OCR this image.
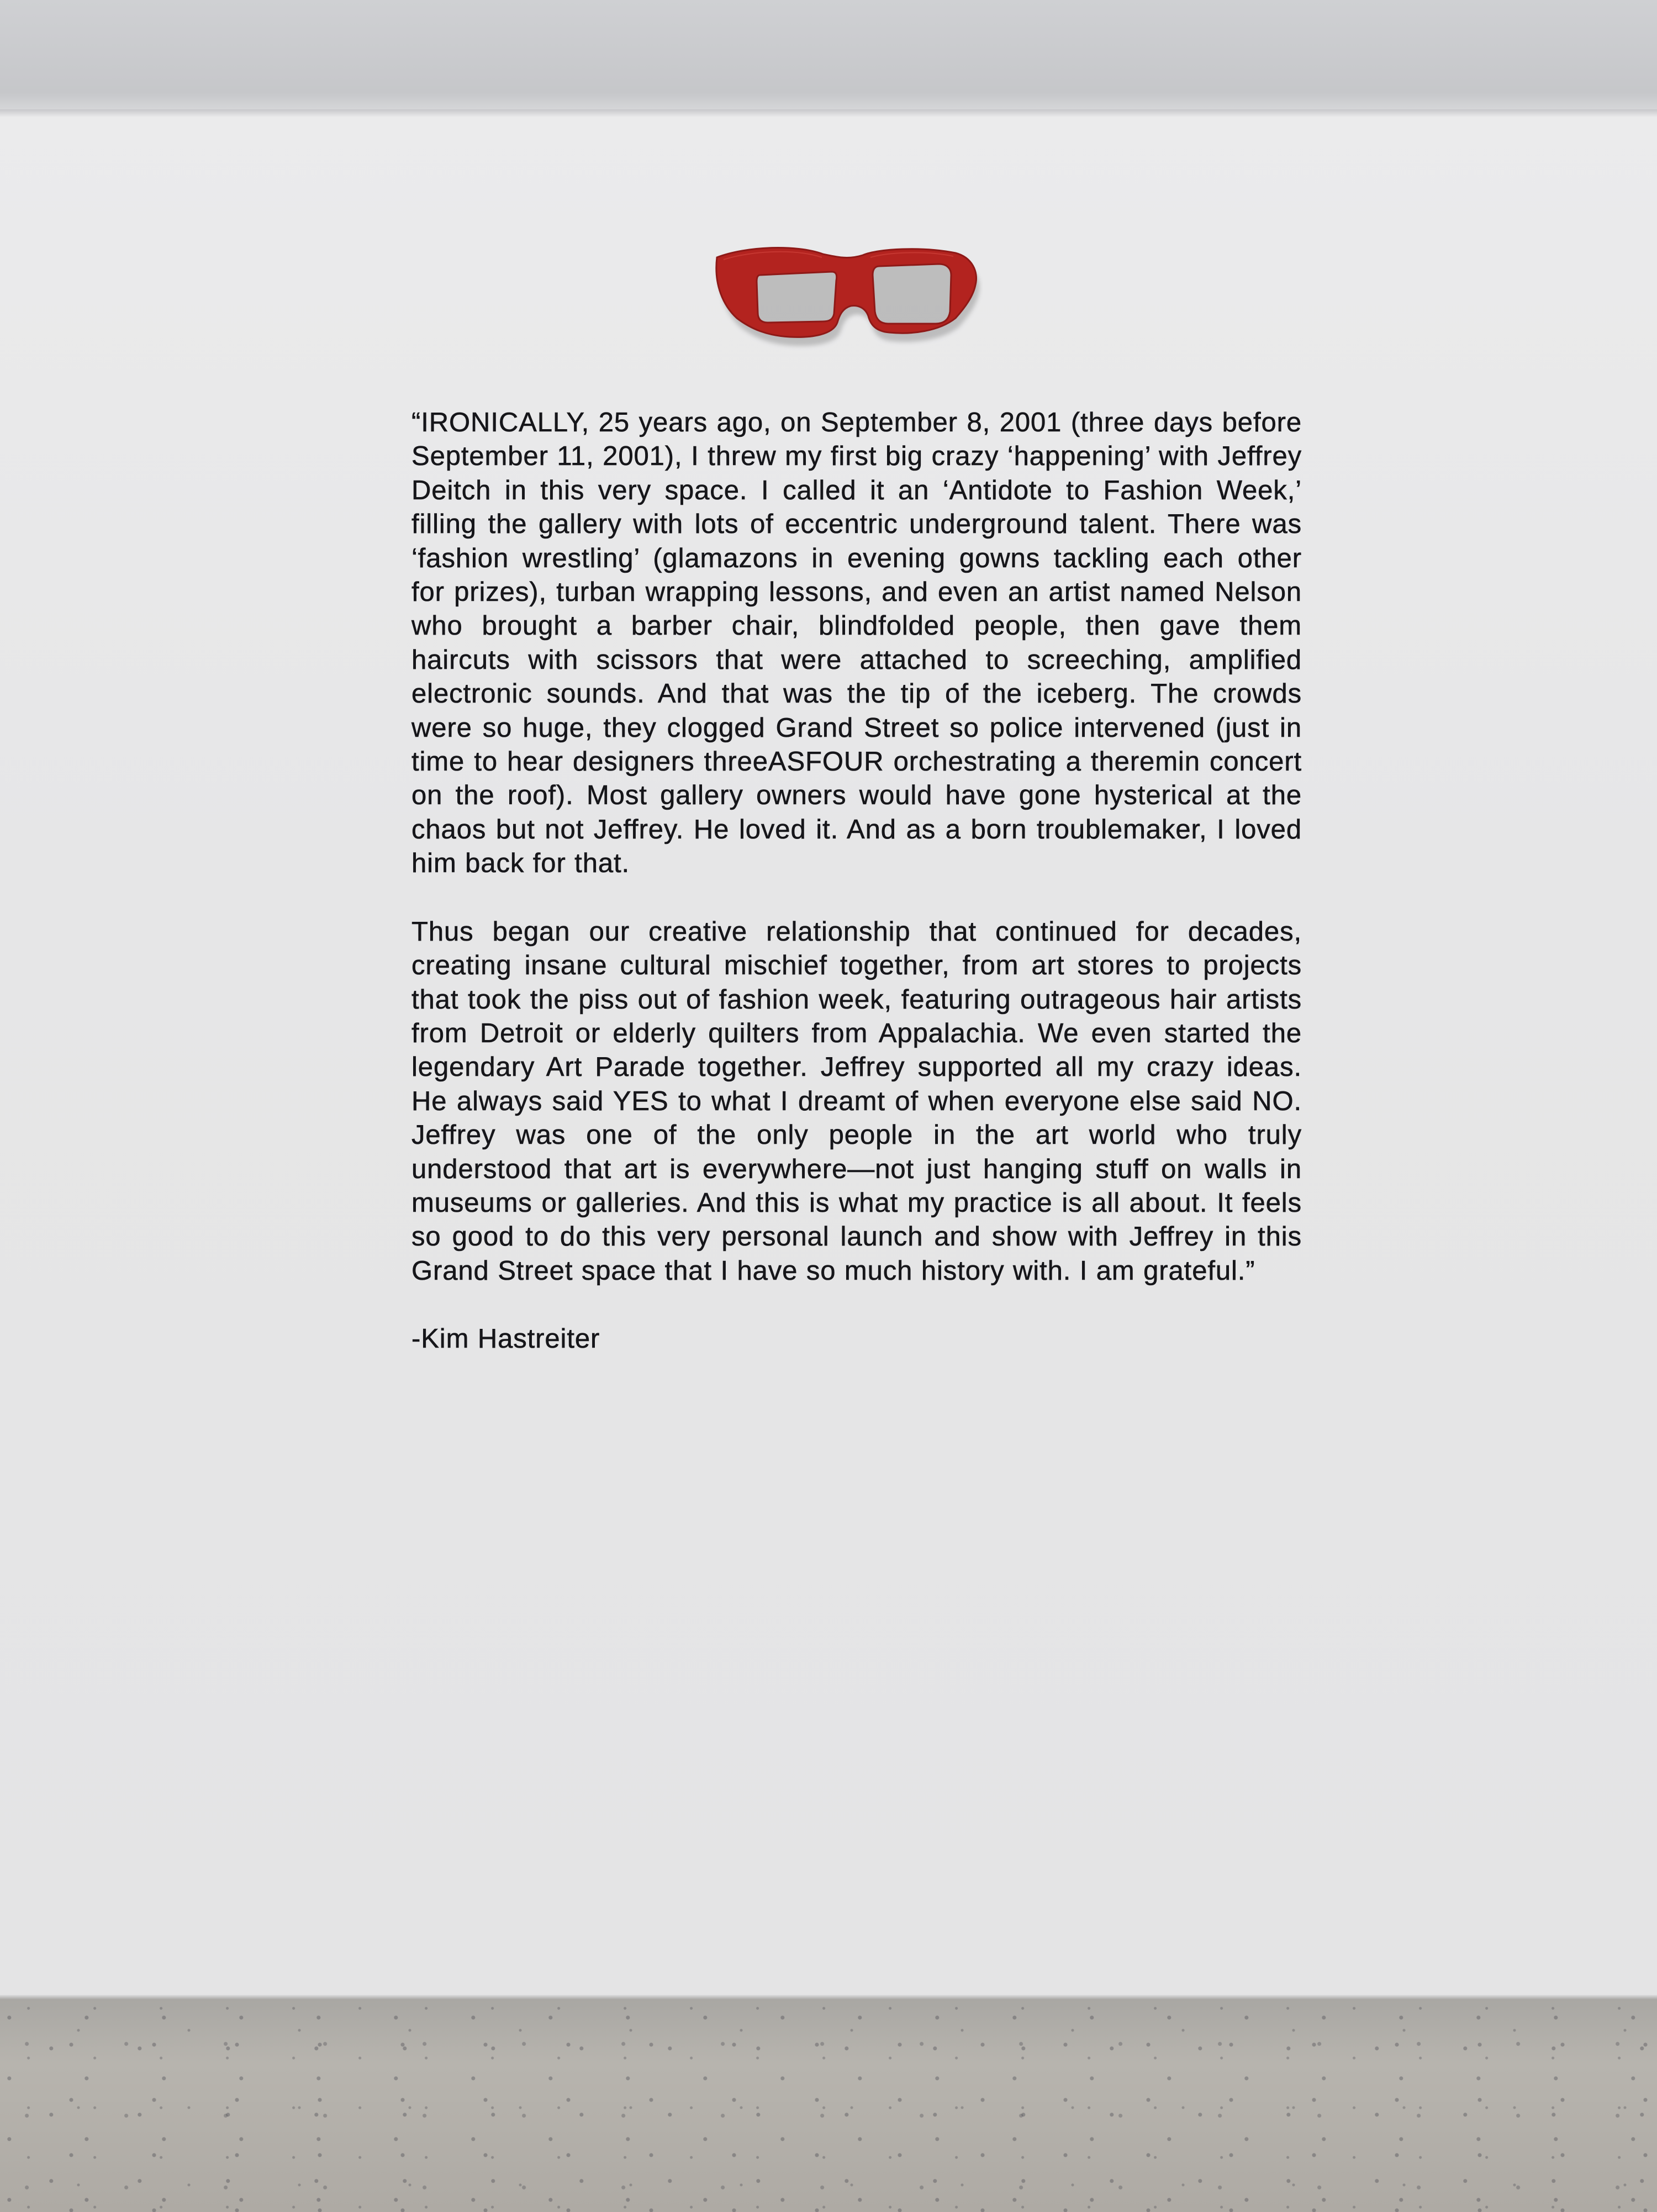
“IRONICALLY, 25 years ago, on September 8, 2001 (three days before September 11, 2001), I threw my first big crazy ‘happening’ with Jeffrey Deitch in this very space. I called it an ‘Antidote to Fashion Week,’ filling the gallery with lots of eccentric underground talent. There was ‘fashion wrestling’ (glamazons in evening gowns tackling each other for prizes), turban wrapping lessons, and even an artist named Nelson who brought a barber chair, blindfolded people, then gave them haircuts with scissors that were attached to screeching, amplified electronic sounds. And that was the tip of the iceberg. The crowds were so huge, they clogged Grand Street so police intervened (just in time to hear designers threeASFOUR orchestrating a theremin concert on the roof). Most gallery owners would have gone hysterical at the chaos but not Jeffrey. He loved it. And as a born troublemaker, I loved him back for that.

Thus began our creative relationship that continued for decades, creating insane cultural mischief together, from art stores to projects that took the piss out of fashion week, featuring outrageous hair artists from Detroit or elderly quilters from Appalachia. We even started the legendary Art Parade together. Jeffrey supported all my crazy ideas. He always said YES to what I dreamt of when everyone else said NO. Jeffrey was one of the only people in the art world who truly understood that art is everywhere—not just hanging stuff on walls in museums or galleries. And this is what my practice is all about. It feels so good to do this very personal launch and show with Jeffrey in this Grand Street space that I have so much history with. I am grateful.”

-Kim Hastreiter
